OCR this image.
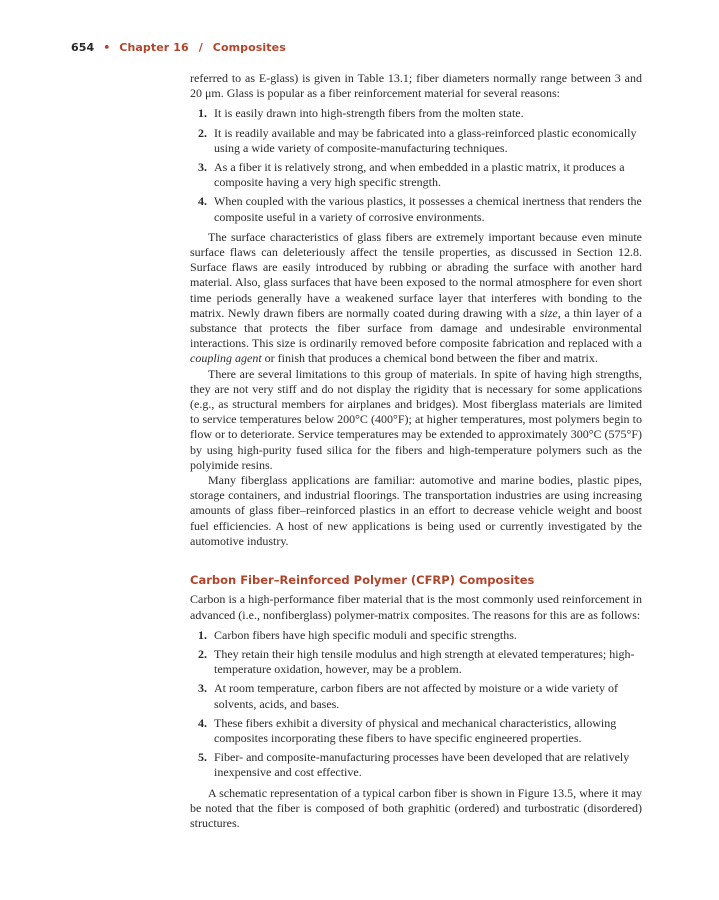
654 • Chapter 16 / Composites

referred to as E-glass) is given in Table 13.1; fiber diameters normally range between 3 and 20 μm. Glass is popular as a fiber reinforcement material for several reasons:

1. It is easily drawn into high-strength fibers from the molten state.
2. It is readily available and may be fabricated into a glass-reinforced plastic economically using a wide variety of composite-manufacturing techniques.
3. As a fiber it is relatively strong, and when embedded in a plastic matrix, it produces a composite having a very high specific strength.
4. When coupled with the various plastics, it possesses a chemical inertness that renders the composite useful in a variety of corrosive environments.

The surface characteristics of glass fibers are extremely important because even minute surface flaws can deleteriously affect the tensile properties, as discussed in Section 12.8. Surface flaws are easily introduced by rubbing or abrading the surface with another hard material. Also, glass surfaces that have been exposed to the normal atmosphere for even short time periods generally have a weakened surface layer that interferes with bonding to the matrix. Newly drawn fibers are normally coated during drawing with a size, a thin layer of a substance that protects the fiber surface from damage and undesirable environmental interactions. This size is ordinarily removed before composite fabrication and replaced with a coupling agent or finish that produces a chemical bond between the fiber and matrix.

There are several limitations to this group of materials. In spite of having high strengths, they are not very stiff and do not display the rigidity that is necessary for some applications (e.g., as structural members for airplanes and bridges). Most fiberglass materials are limited to service temperatures below 200°C (400°F); at higher temperatures, most polymers begin to flow or to deteriorate. Service temperatures may be extended to approximately 300°C (575°F) by using high-purity fused silica for the fibers and high-temperature polymers such as the polyimide resins.

Many fiberglass applications are familiar: automotive and marine bodies, plastic pipes, storage containers, and industrial floorings. The transportation industries are using increasing amounts of glass fiber–reinforced plastics in an effort to decrease vehicle weight and boost fuel efficiencies. A host of new applications is being used or currently investigated by the automotive industry.

Carbon Fiber–Reinforced Polymer (CFRP) Composites

Carbon is a high-performance fiber material that is the most commonly used reinforcement in advanced (i.e., nonfiberglass) polymer-matrix composites. The reasons for this are as follows:

1. Carbon fibers have high specific moduli and specific strengths.
2. They retain their high tensile modulus and high strength at elevated temperatures; high-temperature oxidation, however, may be a problem.
3. At room temperature, carbon fibers are not affected by moisture or a wide variety of solvents, acids, and bases.
4. These fibers exhibit a diversity of physical and mechanical characteristics, allowing composites incorporating these fibers to have specific engineered properties.
5. Fiber- and composite-manufacturing processes have been developed that are relatively inexpensive and cost effective.

A schematic representation of a typical carbon fiber is shown in Figure 13.5, where it may be noted that the fiber is composed of both graphitic (ordered) and turbostratic (disordered) structures.
